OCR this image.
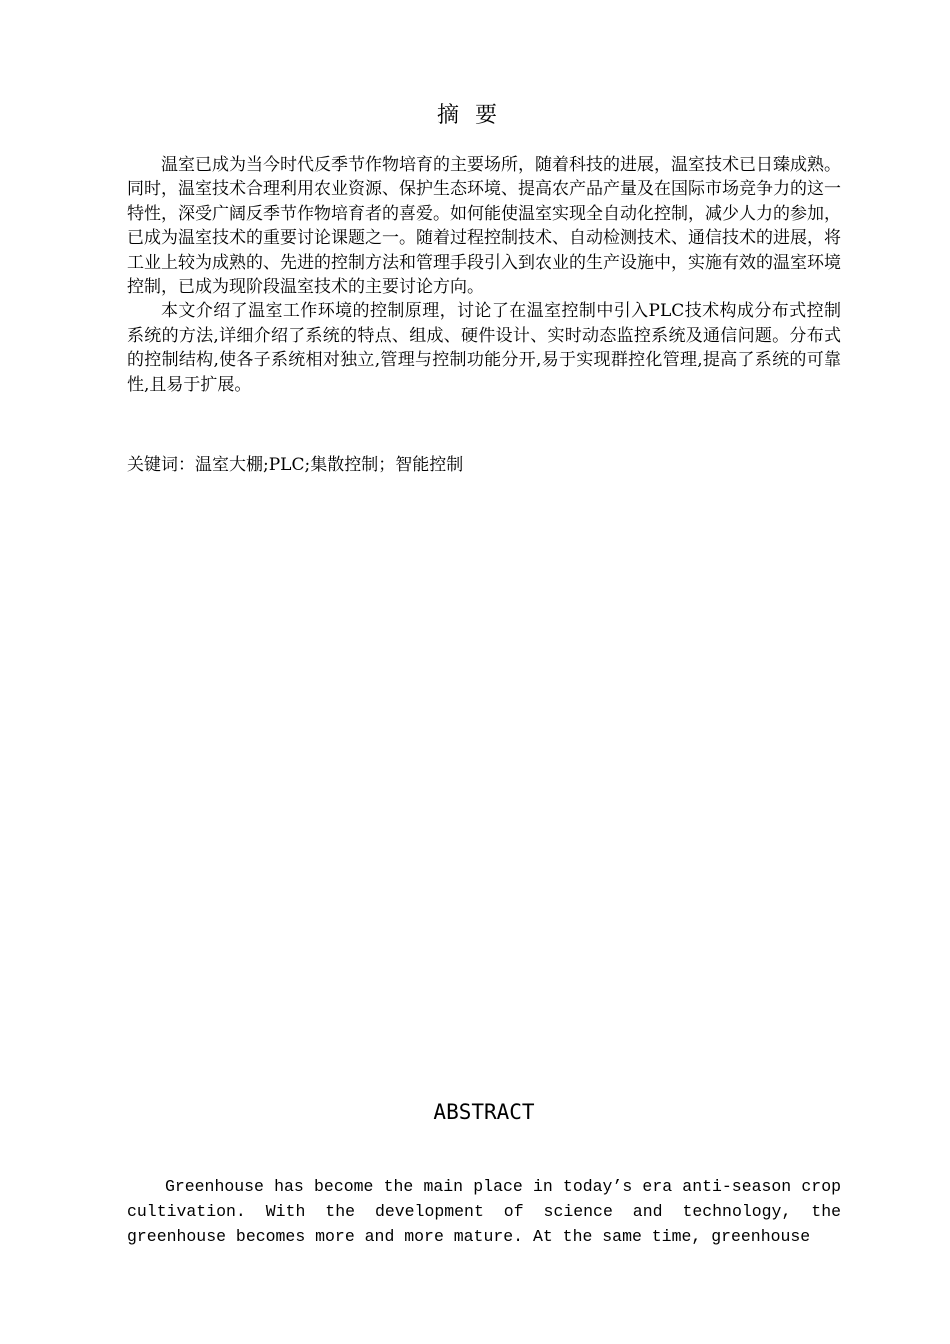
摘要

温室已成为当今时代反季节作物培育的主要场所，随着科技的进展，温室技术已日臻成熟。同时，温室技术合理利用农业资源、保护生态环境、提高农产品产量及在国际市场竞争力的这一特性，深受广阔反季节作物培育者的喜爱。如何能使温室实现全自动化控制，减少人力的参加，已成为温室技术的重要讨论课题之一。随着过程控制技术、自动检测技术、通信技术的进展，将工业上较为成熟的、先进的控制方法和管理手段引入到农业的生产设施中，实施有效的温室环境控制，已成为现阶段温室技术的主要讨论方向。

本文介绍了温室工作环境的控制原理，讨论了在温室控制中引入PLC技术构成分布式控制系统的方法,详细介绍了系统的特点、组成、硬件设计、实时动态监控系统及通信问题。分布式的控制结构,使各子系统相对独立,管理与控制功能分开,易于实现群控化管理,提高了系统的可靠性,且易于扩展。

关键词：温室大棚;PLC;集散控制；智能控制
ABSTRACT

Greenhouse has become the main place in today’s era anti-season crop cultivation. With the development of science and technology, the greenhouse becomes more and more mature. At the same time, greenhouse
